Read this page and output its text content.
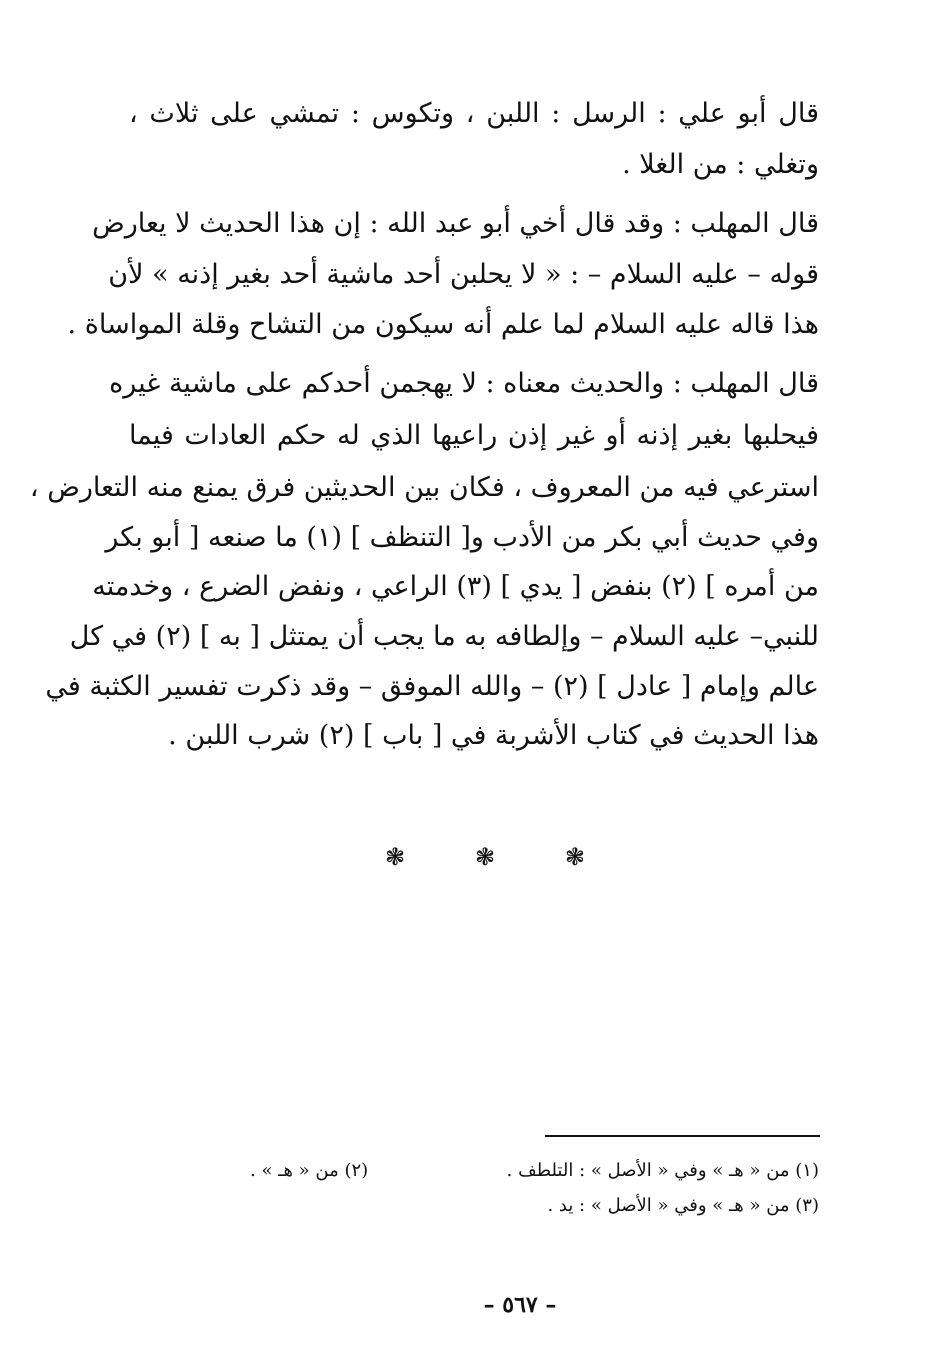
قال أبو علي : الرسل : اللبن ، وتكوس : تمشي على ثلاث ،
وتغلي : من الغلا .
قال المهلب : وقد قال أخي أبو عبد الله : إن هذا الحديث لا يعارض
قوله – عليه السلام – : « لا يحلبن أحد ماشية أحد بغير إذنه » لأن
هذا قاله عليه السلام لما علم أنه سيكون من التشاح وقلة المواساة .
قال المهلب : والحديث معناه : لا يهجمن أحدكم على ماشية غيره
فيحلبها بغير إذنه أو غير إذن راعيها الذي له حكم العادات فيما
استرعي فيه من المعروف ، فكان بين الحديثين فرق يمنع منه التعارض ،
وفي حديث أبي بكر من الأدب و[ التنظف ] (١) ما صنعه [ أبو بكر
من أمره ] (٢) بنفض [ يدي ] (٣) الراعي ، ونفض الضرع ، وخدمته
للنبي– عليه السلام – وإلطافه به ما يجب أن يمتثل [ به ] (٢) في كل
عالم وإمام [ عادل ] (٢) – والله الموفق – وقد ذكرت تفسير الكثبة في
هذا الحديث في كتاب الأشربة في [ باب ] (٢) شرب اللبن .
❃	❃	❃
(١) من « هـ » وفي « الأصل » : التلطف .
(٢) من « هـ » .
(٣) من « هـ » وفي « الأصل » : يد .
– ٥٦٧ –
